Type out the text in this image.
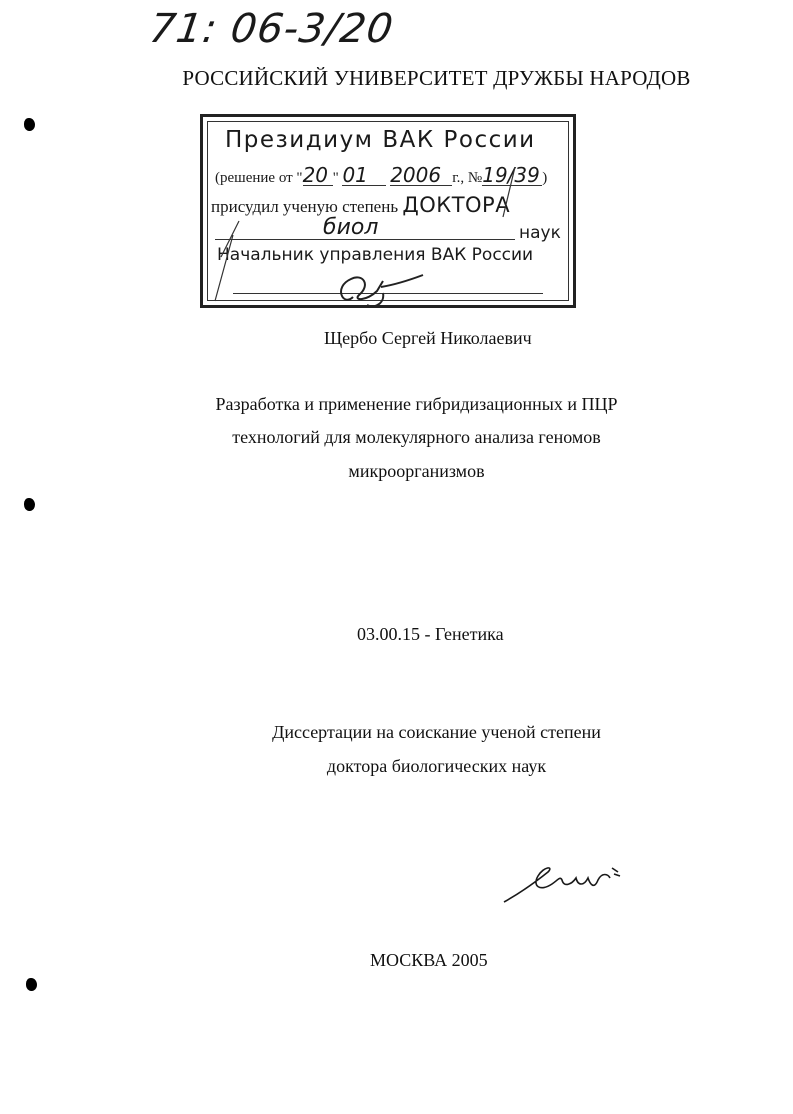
71: 06-3/20
РОССИЙСКИЙ УНИВЕРСИТЕТ ДРУЖБЫ НАРОДОВ
Президиум ВАК России
(решение от "20 " 01 2006 г., №19/39 )
присудил ученую степень ДОКТОРА
биол	наук
Начальник управления ВАК России
Щербо Сергей Николаевич
Разработка и применение гибридизационных и ПЦР
технологий для молекулярного анализа геномов
микроорганизмов
03.00.15 - Генетика
Диссертации на соискание ученой степени
доктора биологических наук
МОСКВА 2005
